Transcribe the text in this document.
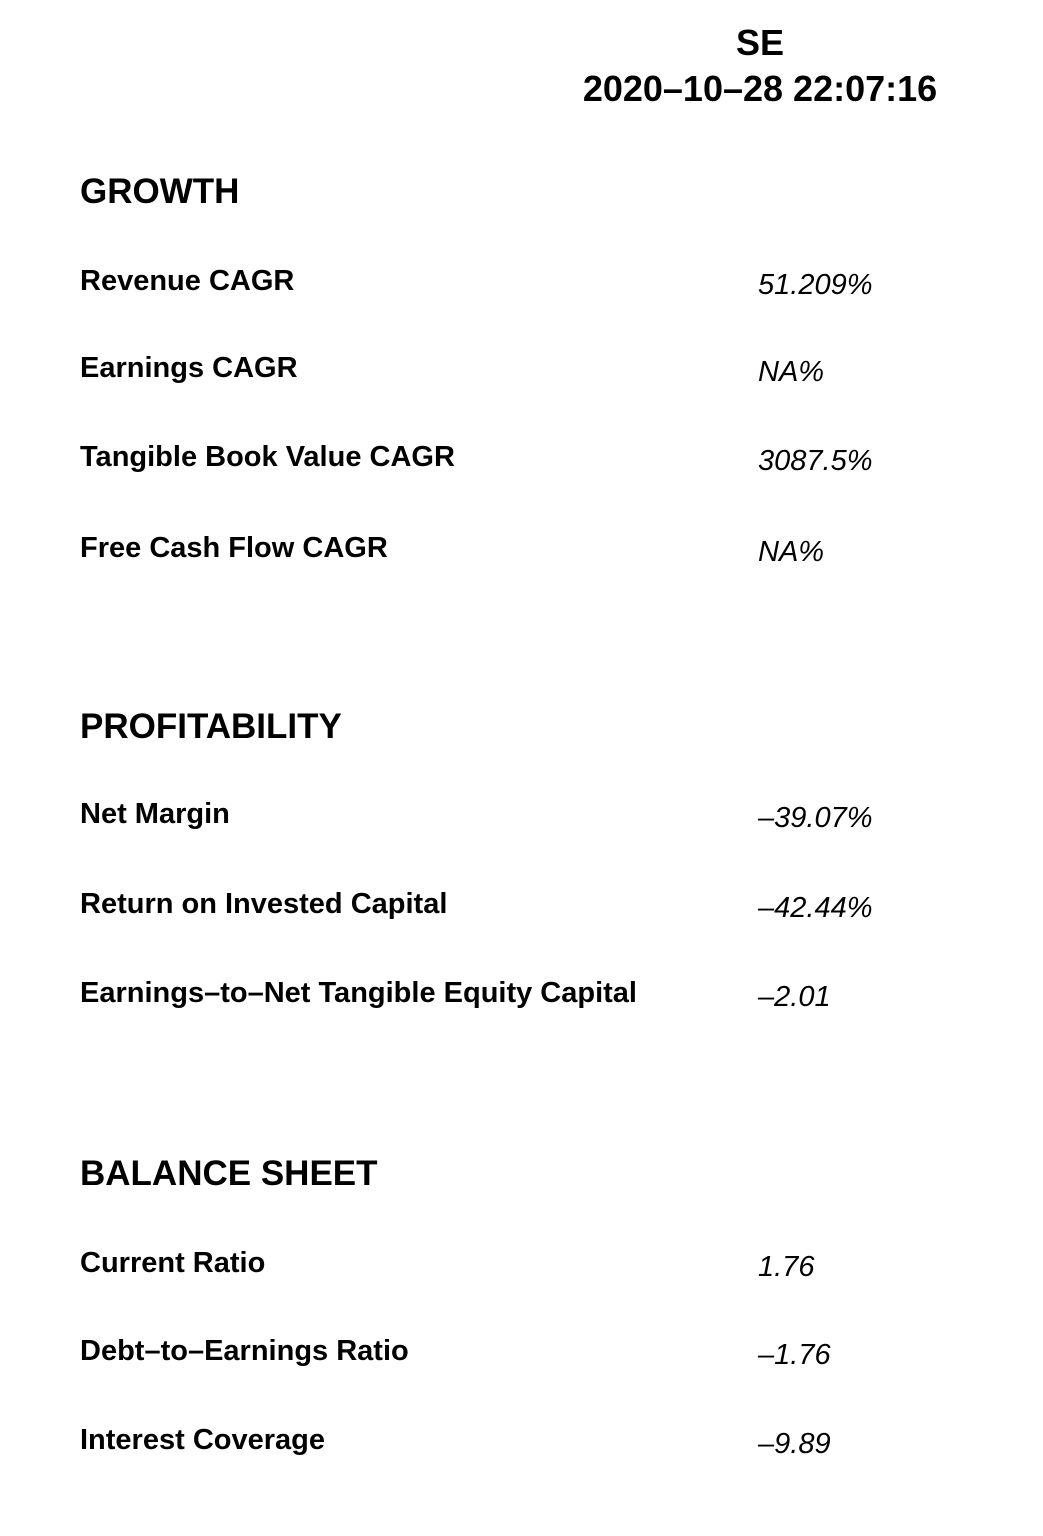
SE
2020–10–28 22:07:16
GROWTH
Revenue CAGR	51.209%
Earnings CAGR	NA%
Tangible Book Value CAGR	3087.5%
Free Cash Flow CAGR	NA%
PROFITABILITY
Net Margin	–39.07%
Return on Invested Capital	–42.44%
Earnings–to–Net Tangible Equity Capital	–2.01
BALANCE SHEET
Current Ratio	1.76
Debt–to–Earnings Ratio	–1.76
Interest Coverage	–9.89
